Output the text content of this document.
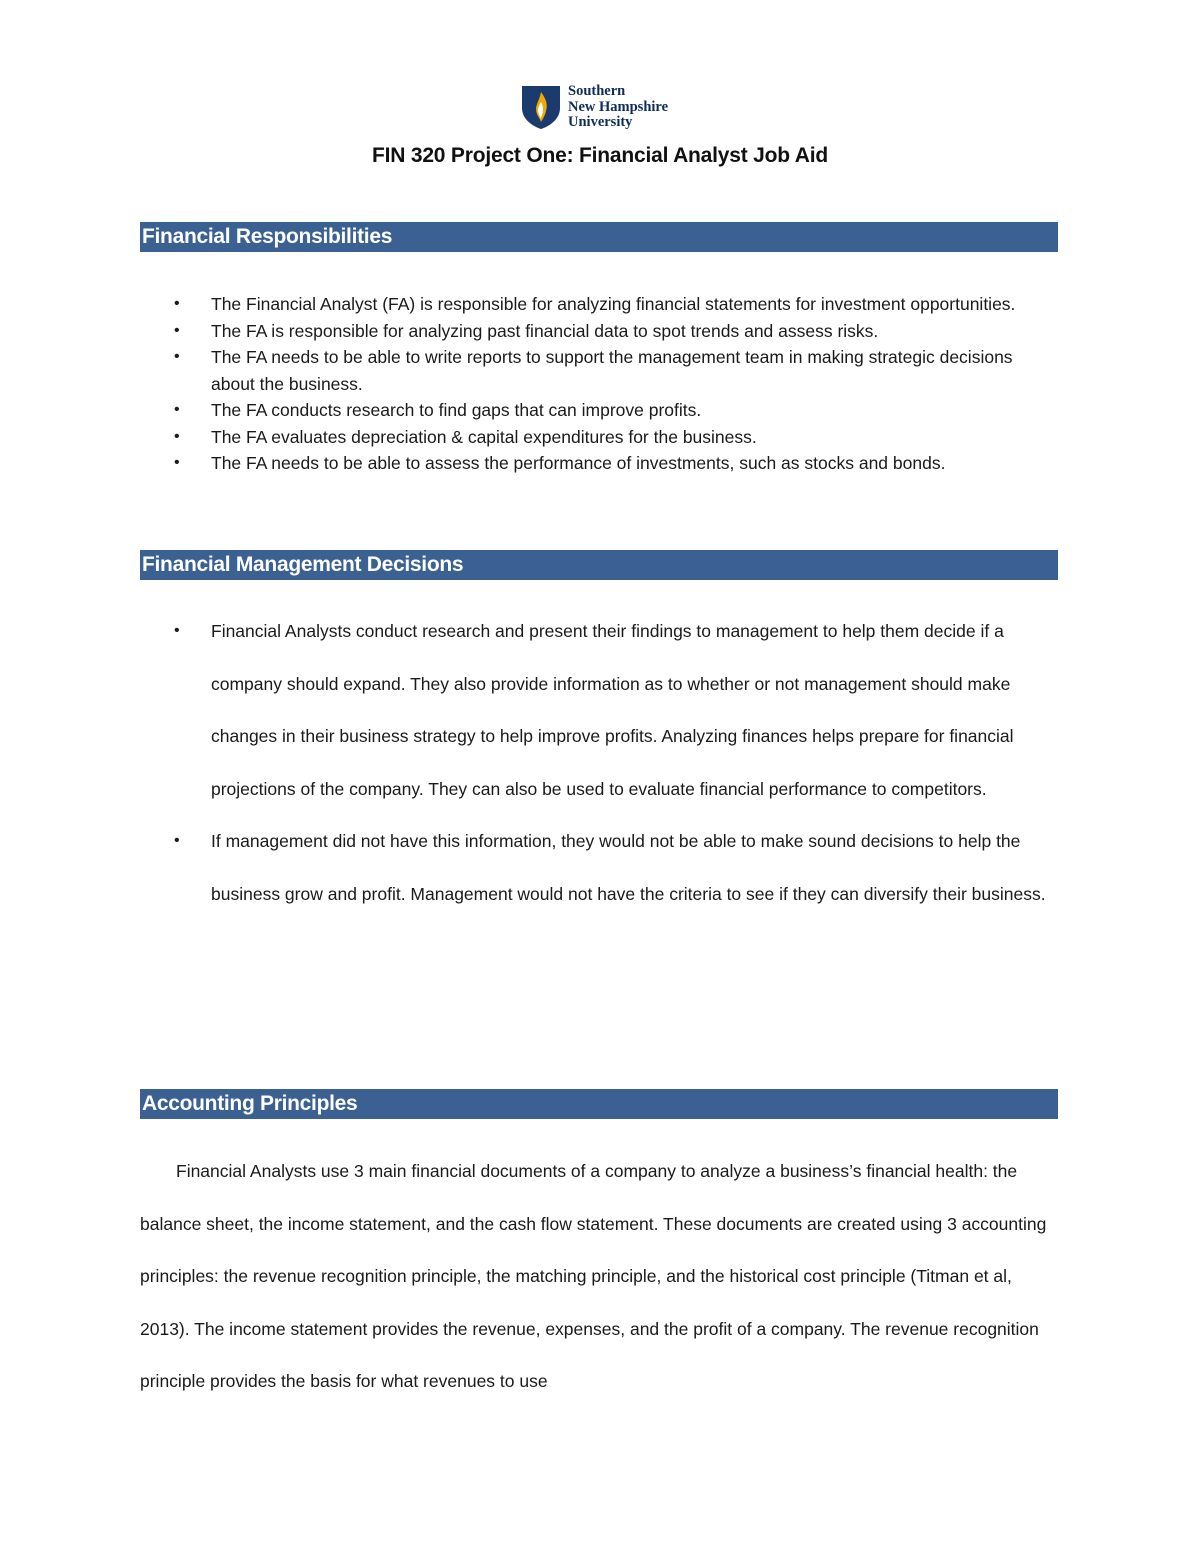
Southern
New Hampshire
University
FIN 320 Project One: Financial Analyst Job Aid
Financial Responsibilities
• The Financial Analyst (FA) is responsible for analyzing financial statements for investment opportunities.
• The FA is responsible for analyzing past financial data to spot trends and assess risks.
• The FA needs to be able to write reports to support the management team in making strategic decisions about the business.
• The FA conducts research to find gaps that can improve profits.
• The FA evaluates depreciation & capital expenditures for the business.
• The FA needs to be able to assess the performance of investments, such as stocks and bonds.
Financial Management Decisions
• Financial Analysts conduct research and present their findings to management to help them decide if a company should expand. They also provide information as to whether or not management should make changes in their business strategy to help improve profits. Analyzing finances helps prepare for financial projections of the company. They can also be used to evaluate financial performance to competitors.
• If management did not have this information, they would not be able to make sound decisions to help the business grow and profit. Management would not have the criteria to see if they can diversify their business.
Accounting Principles

Financial Analysts use 3 main financial documents of a company to analyze a business’s financial health: the balance sheet, the income statement, and the cash flow statement. These documents are created using 3 accounting principles: the revenue recognition principle, the matching principle, and the historical cost principle (Titman et al, 2013). The income statement provides the revenue, expenses, and the profit of a company. The revenue recognition principle provides the basis for what revenues to use
